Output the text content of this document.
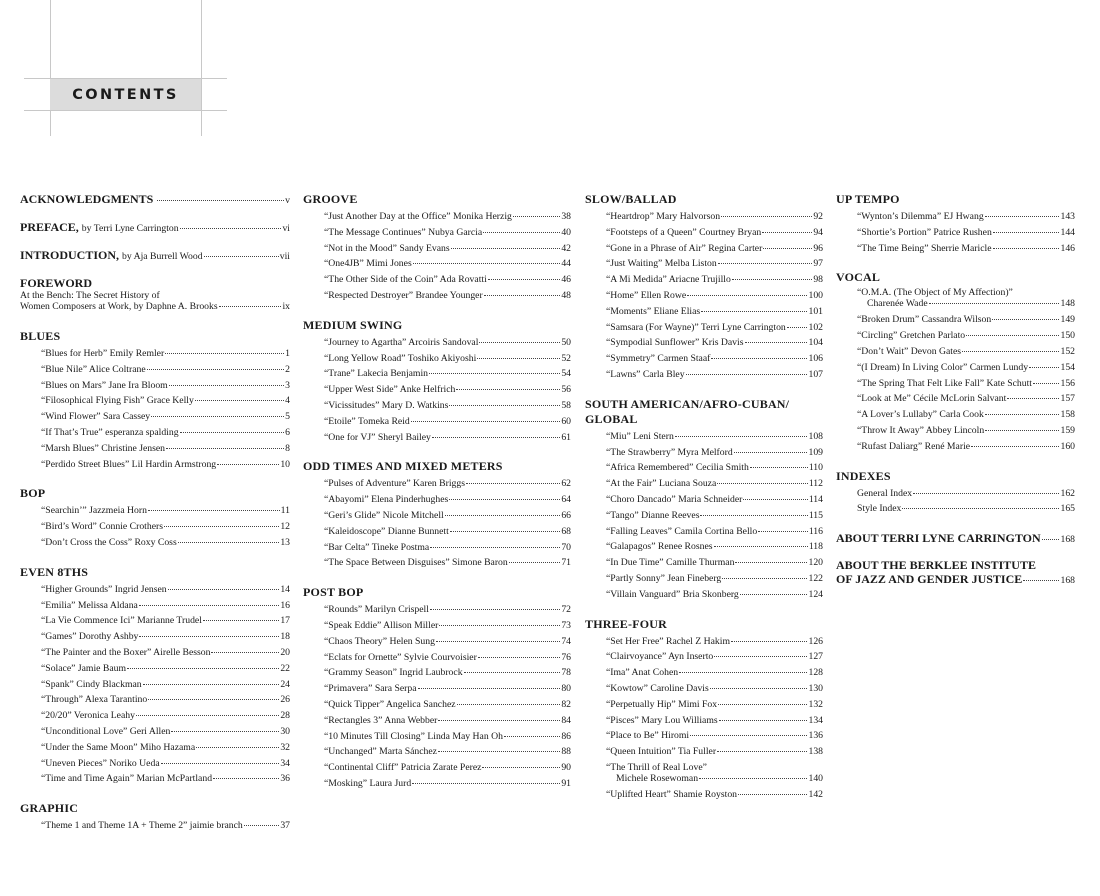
CONTENTS
ACKNOWLEDGMENTS	v
PREFACE, by Terri Lyne Carrington	vi
INTRODUCTION, by Aja Burrell Wood	vii
FOREWORD
At the Bench: The Secret History of
Women Composers at Work, by Daphne A. Brooks	ix
BLUES
“Blues for Herb” Emily Remler	1
“Blue Nile” Alice Coltrane	2
“Blues on Mars” Jane Ira Bloom	3
“Filosophical Flying Fish” Grace Kelly	4
“Wind Flower” Sara Cassey	5
“If That’s True” esperanza spalding	6
“Marsh Blues” Christine Jensen	8
“Perdido Street Blues” Lil Hardin Armstrong	10
BOP
“Searchin’” Jazzmeia Horn	11
“Bird’s Word” Connie Crothers	12
“Don’t Cross the Coss” Roxy Coss	13
EVEN 8THS
“Higher Grounds” Ingrid Jensen	14
“Emilia” Melissa Aldana	16
“La Vie Commence Ici” Marianne Trudel	17
“Games” Dorothy Ashby	18
“The Painter and the Boxer” Airelle Besson	20
“Solace” Jamie Baum	22
“Spank” Cindy Blackman	24
“Through” Alexa Tarantino	26
“20/20” Veronica Leahy	28
“Unconditional Love” Geri Allen	30
“Under the Same Moon” Miho Hazama	32
“Uneven Pieces” Noriko Ueda	34
“Time and Time Again” Marian McPartland	36
GRAPHIC
“Theme 1 and Theme 1A + Theme 2” jaimie branch	37
GROOVE
“Just Another Day at the Office” Monika Herzig	38
“The Message Continues” Nubya Garcia	40
“Not in the Mood” Sandy Evans	42
“One4JB” Mimi Jones	44
“The Other Side of the Coin” Ada Rovatti	46
“Respected Destroyer” Brandee Younger	48
MEDIUM SWING
“Journey to Agartha” Arcoiris Sandoval	50
“Long Yellow Road” Toshiko Akiyoshi	52
“Trane” Lakecia Benjamin	54
“Upper West Side” Anke Helfrich	56
“Vicissitudes” Mary D. Watkins	58
“Etoile” Tomeka Reid	60
“One for VJ” Sheryl Bailey	61
ODD TIMES AND MIXED METERS
“Pulses of Adventure” Karen Briggs	62
“Abayomi” Elena Pinderhughes	64
“Geri’s Glide” Nicole Mitchell	66
“Kaleidoscope” Dianne Bunnett	68
“Bar Celta” Tineke Postma	70
“The Space Between Disguises” Simone Baron	71
POST BOP
“Rounds” Marilyn Crispell	72
“Speak Eddie” Allison Miller	73
“Chaos Theory” Helen Sung	74
“Eclats for Ornette” Sylvie Courvoisier	76
“Grammy Season” Ingrid Laubrock	78
“Primavera” Sara Serpa	80
“Quick Tipper” Angelica Sanchez	82
“Rectangles 3” Anna Webber	84
“10 Minutes Till Closing” Linda May Han Oh	86
“Unchanged” Marta Sánchez	88
“Continental Cliff” Patricia Zarate Perez	90
“Mosking” Laura Jurd	91
SLOW/BALLAD
“Heartdrop” Mary Halvorson	92
“Footsteps of a Queen” Courtney Bryan	94
“Gone in a Phrase of Air” Regina Carter	96
“Just Waiting” Melba Liston	97
“A Mi Medida” Ariacne Trujillo	98
“Home” Ellen Rowe	100
“Moments” Eliane Elias	101
“Samsara (For Wayne)” Terri Lyne Carrington 102
“Sympodial Sunflower” Kris Davis	104
“Symmetry” Carmen Staaf	106
“Lawns” Carla Bley	107
SOUTH AMERICAN/AFRO-CUBAN/
GLOBAL
“Miu” Leni Stern	108
“The Strawberry” Myra Melford	109
“Africa Remembered” Cecilia Smith	110
“At the Fair” Luciana Souza	112
“Choro Dancado” Maria Schneider	114
“Tango” Dianne Reeves	115
“Falling Leaves” Camila Cortina Bello	116
“Galapagos” Renee Rosnes	118
“In Due Time” Camille Thurman	120
“Partly Sonny” Jean Fineberg	122
“Villain Vanguard” Bria Skonberg	124
THREE-FOUR
“Set Her Free” Rachel Z Hakim	126
“Clairvoyance” Ayn Inserto	127
“Ima” Anat Cohen	128
“Kowtow” Caroline Davis	130
“Perpetually Hip” Mimi Fox	132
“Pisces” Mary Lou Williams	134
“Place to Be” Hiromi	136
“Queen Intuition” Tia Fuller	138
“The Thrill of Real Love”
Michele Rosewoman	140
“Uplifted Heart” Shamie Royston	142
UP TEMPO
“Wynton’s Dilemma” EJ Hwang	143
“Shortie’s Portion” Patrice Rushen	144
“The Time Being” Sherrie Maricle	146
VOCAL
“O.M.A. (The Object of My Affection)”
Charenée Wade	148
“Broken Drum” Cassandra Wilson	149
“Circling” Gretchen Parlato	150
“Don’t Wait” Devon Gates	152
“(I Dream) In Living Color” Carmen Lundy	154
“The Spring That Felt Like Fall” Kate Schutt	156
“Look at Me” Cécile McLorin Salvant	157
“A Lover’s Lullaby” Carla Cook	158
“Throw It Away” Abbey Lincoln	159
“Rufast Daliarg” René Marie	160
INDEXES
General Index	162
Style Index	165
ABOUT TERRI LYNE CARRINGTON 168
ABOUT THE BERKLEE INSTITUTE
OF JAZZ AND GENDER JUSTICE	168
